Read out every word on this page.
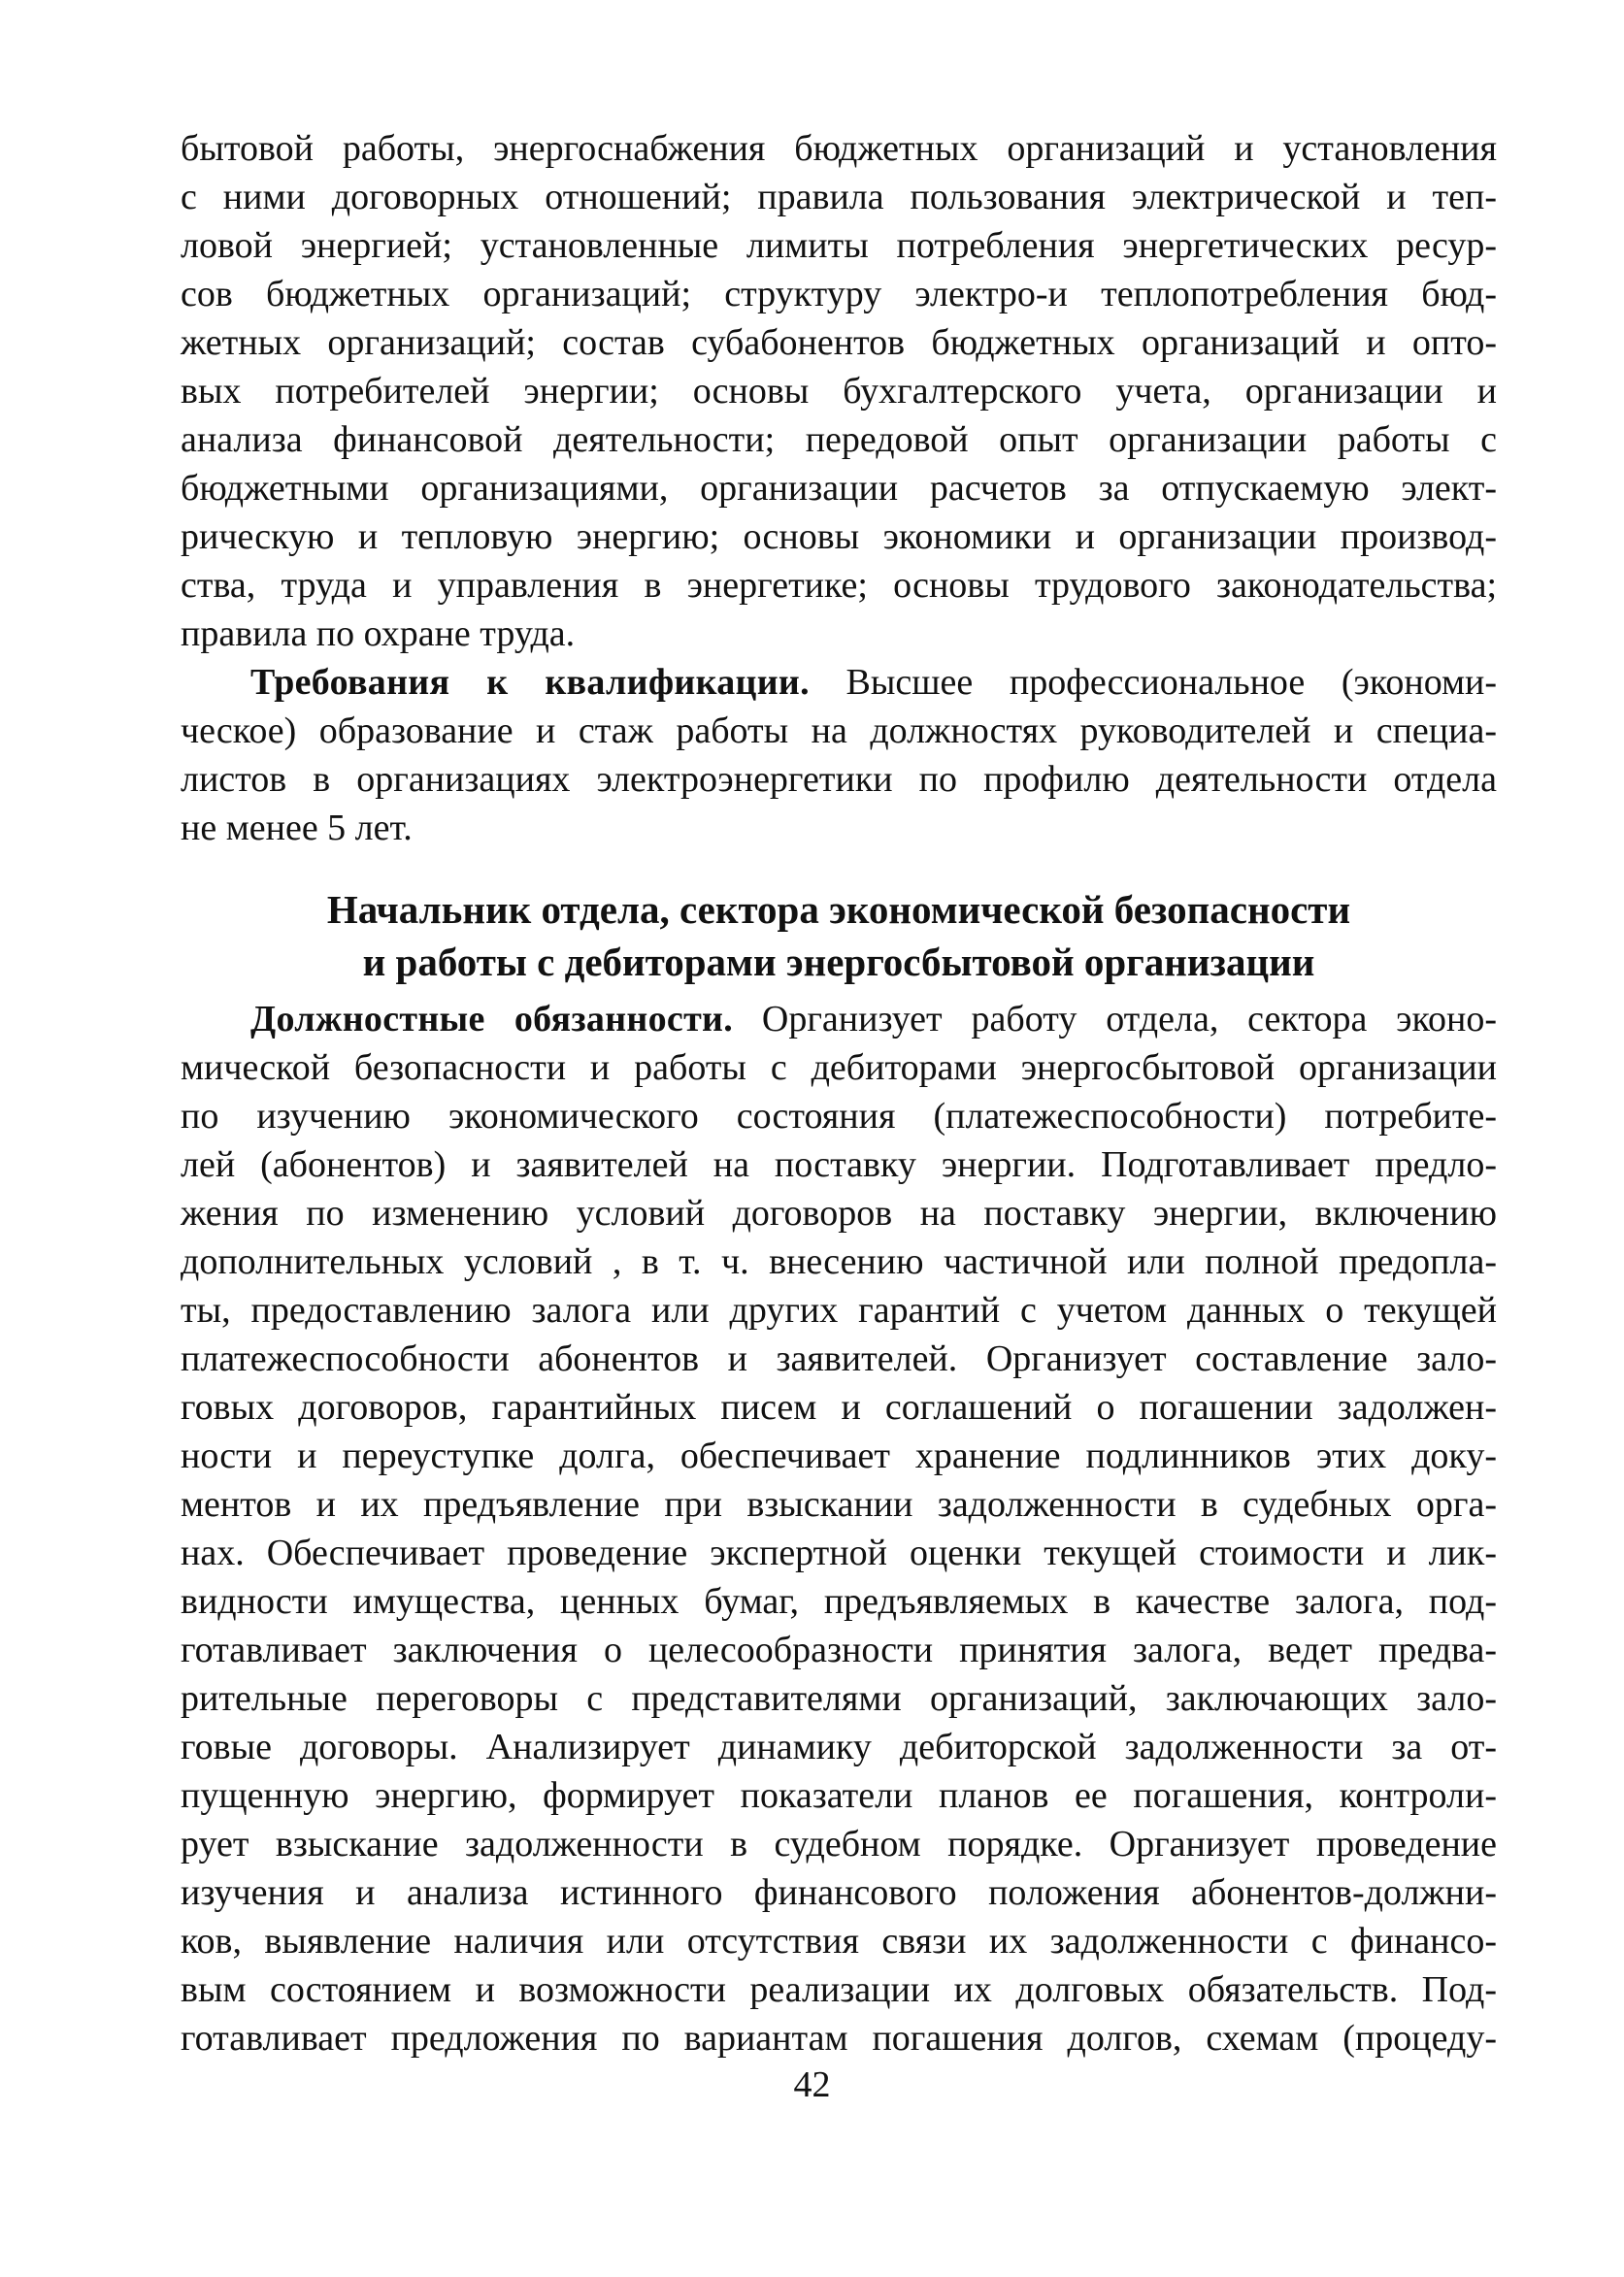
бытовой работы, энергоснабжения бюджетных организаций и установления
с ними договорных отношений; правила пользования электрической и теп-
ловой энергией; установленные лимиты потребления энергетических ресур-
сов бюджетных организаций; структуру электро-и теплопотребления бюд-
жетных организаций; состав субабонентов бюджетных организаций и опто-
вых потребителей энергии; основы бухгалтерского учета, организации и
анализа финансовой деятельности; передовой опыт организации работы с
бюджетными организациями, организации расчетов за отпускаемую элект-
рическую и тепловую энергию; основы экономики и организации производ-
ства, труда и управления в энергетике; основы трудового законодательства;
правила по охране труда.
Требования к квалификации. Высшее профессиональное (экономи-
ческое) образование и стаж работы на должностях руководителей и специа-
листов в организациях электроэнергетики по профилю деятельности отдела
не менее 5 лет.
Начальник отдела, сектора экономической безопасности
и работы с дебиторами энергосбытовой организации
Должностные обязанности. Организует работу отдела, сектора эконо-
мической безопасности и работы с дебиторами энергосбытовой организации
по изучению экономического состояния (платежеспособности) потребите-
лей (абонентов) и заявителей на поставку энергии. Подготавливает предло-
жения по изменению условий договоров на поставку энергии, включению
дополнительных условий , в т. ч. внесению частичной или полной предопла-
ты, предоставлению залога или других гарантий с учетом данных о текущей
платежеспособности абонентов и заявителей. Организует составление зало-
говых договоров, гарантийных писем и соглашений о погашении задолжен-
ности и переуступке долга, обеспечивает хранение подлинников этих доку-
ментов и их предъявление при взыскании задолженности в судебных орга-
нах. Обеспечивает проведение экспертной оценки текущей стоимости и лик-
видности имущества, ценных бумаг, предъявляемых в качестве залога, под-
готавливает заключения о целесообразности принятия залога, ведет предва-
рительные переговоры с представителями организаций, заключающих зало-
говые договоры. Анализирует динамику дебиторской задолженности за от-
пущенную энергию, формирует показатели планов ее погашения, контроли-
рует взыскание задолженности в судебном порядке. Организует проведение
изучения и анализа истинного финансового положения абонентов-должни-
ков, выявление наличия или отсутствия связи их задолженности с финансо-
вым состоянием и возможности реализации их долговых обязательств. Под-
готавливает предложения по вариантам погашения долгов, схемам (процеду-
42
